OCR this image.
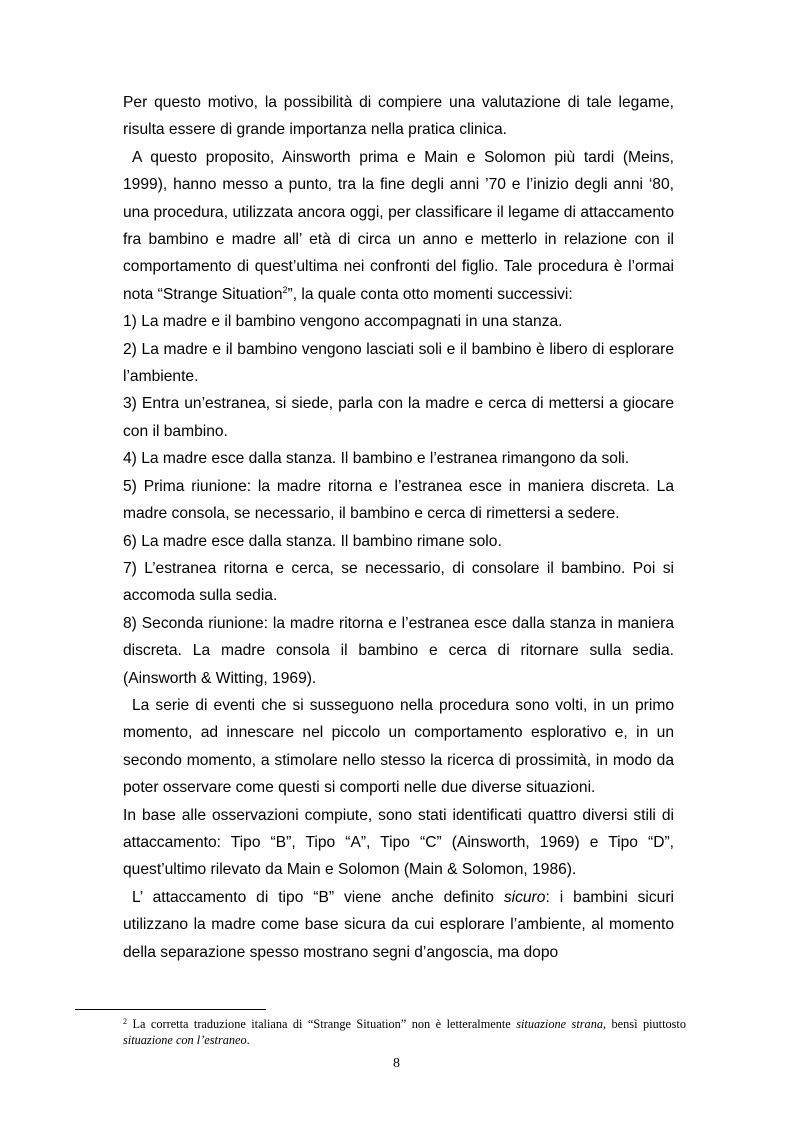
Per questo motivo, la possibilità di compiere una valutazione di tale legame, risulta essere di grande importanza nella pratica clinica.

A questo proposito, Ainsworth prima e Main e Solomon più tardi (Meins, 1999), hanno messo a punto, tra la fine degli anni ’70 e l’inizio degli anni ‘80, una procedura, utilizzata ancora oggi, per classificare il legame di attaccamento fra bambino e madre all’ età di circa un anno e metterlo in relazione con il comportamento di quest’ultima nei confronti del figlio. Tale procedura è l’ormai nota “Strange Situation$^2$”, la quale conta otto momenti successivi:

1) La madre e il bambino vengono accompagnati in una stanza.

2) La madre e il bambino vengono lasciati soli e il bambino è libero di esplorare l’ambiente.

3) Entra un’estranea, si siede, parla con la madre e cerca di mettersi a giocare con il bambino.

4) La madre esce dalla stanza. Il bambino e l’estranea rimangono da soli.

5) Prima riunione: la madre ritorna e l’estranea esce in maniera discreta. La madre consola, se necessario, il bambino e cerca di rimettersi a sedere.

6) La madre esce dalla stanza. Il bambino rimane solo.

7) L’estranea ritorna e cerca, se necessario, di consolare il bambino. Poi si accomoda sulla sedia.

8) Seconda riunione: la madre ritorna e l’estranea esce dalla stanza in maniera discreta. La madre consola il bambino e cerca di ritornare sulla sedia. (Ainsworth & Witting, 1969).

La serie di eventi che si susseguono nella procedura sono volti, in un primo momento, ad innescare nel piccolo un comportamento esplorativo e, in un secondo momento, a stimolare nello stesso la ricerca di prossimità, in modo da poter osservare come questi si comporti nelle due diverse situazioni.

In base alle osservazioni compiute, sono stati identificati quattro diversi stili di attaccamento: Tipo “B”, Tipo “A”, Tipo “C” (Ainsworth, 1969) e Tipo “D”, quest’ultimo rilevato da Main e Solomon (Main & Solomon, 1986).

L’ attaccamento di tipo “B” viene anche definito sicuro: i bambini sicuri utilizzano la madre come base sicura da cui esplorare l’ambiente, al momento della separazione spesso mostrano segni d’angoscia, ma dopo

$^2$ La corretta traduzione italiana di “Strange Situation” non è letteralmente situazione strana, bensì piuttosto situazione con l’estraneo.
8
